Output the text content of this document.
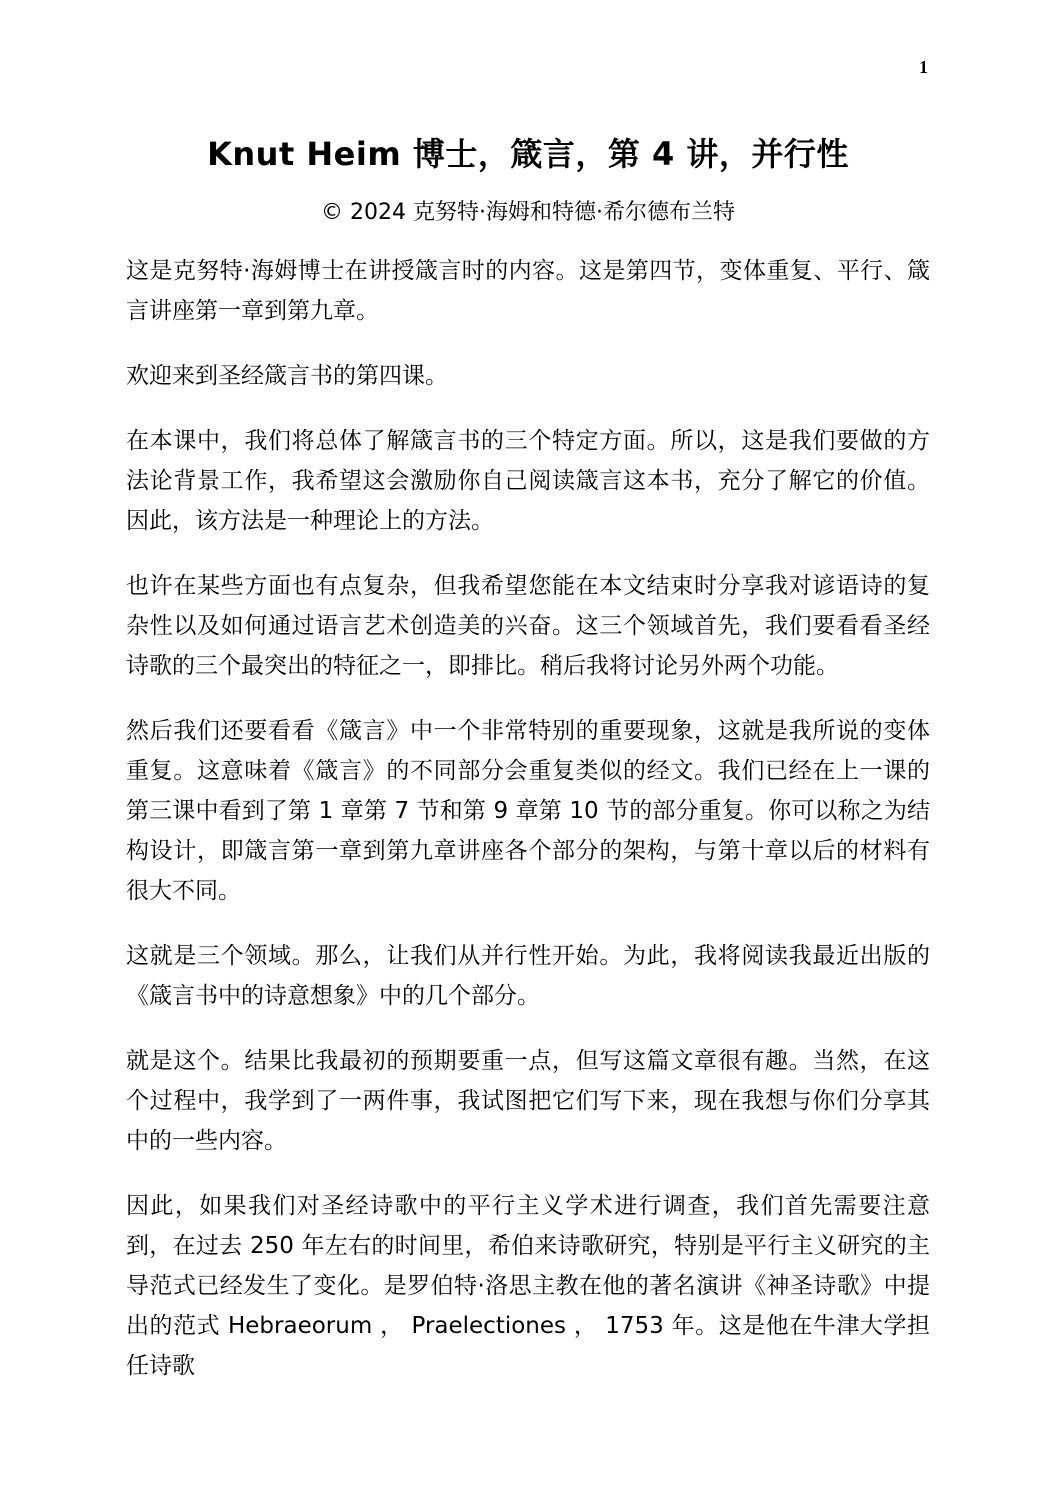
1
Knut Heim 博士，箴言，第 4 讲，并行性
© 2024 克努特·海姆和特德·希尔德布兰特

这是克努特·海姆博士在讲授箴言时的内容。这是第四节，变体重复、平行、箴言讲座第一章到第九章。

欢迎来到圣经箴言书的第四课。

在本课中，我们将总体了解箴言书的三个特定方面。所以，这是我们要做的方法论背景工作，我希望这会激励你自己阅读箴言这本书，充分了解它的价值。因此，该方法是一种理论上的方法。

也许在某些方面也有点复杂，但我希望您能在本文结束时分享我对谚语诗的复杂性以及如何通过语言艺术创造美的兴奋。这三个领域首先，我们要看看圣经诗歌的三个最突出的特征之一，即排比。稍后我将讨论另外两个功能。

然后我们还要看看《箴言》中一个非常特别的重要现象，这就是我所说的变体重复。这意味着《箴言》的不同部分会重复类似的经文。我们已经在上一课的第三课中看到了第 1 章第 7 节和第 9 章第 10 节的部分重复。你可以称之为结构设计，即箴言第一章到第九章讲座各个部分的架构，与第十章以后的材料有很大不同。

这就是三个领域。那么，让我们从并行性开始。为此，我将阅读我最近出版的《箴言书中的诗意想象》中的几个部分。

就是这个。结果比我最初的预期要重一点，但写这篇文章很有趣。当然，在这个过程中，我学到了一两件事，我试图把它们写下来，现在我想与你们分享其中的一些内容。

因此，如果我们对圣经诗歌中的平行主义学术进行调查，我们首先需要注意到，在过去 250 年左右的时间里，希伯来诗歌研究，特别是平行主义研究的主导范式已经发生了变化。是罗伯特·洛思主教在他的著名演讲《神圣诗歌》中提出的范式 Hebraeorum ， Praelectiones ， 1753 年。这是他在牛津大学担任诗歌
